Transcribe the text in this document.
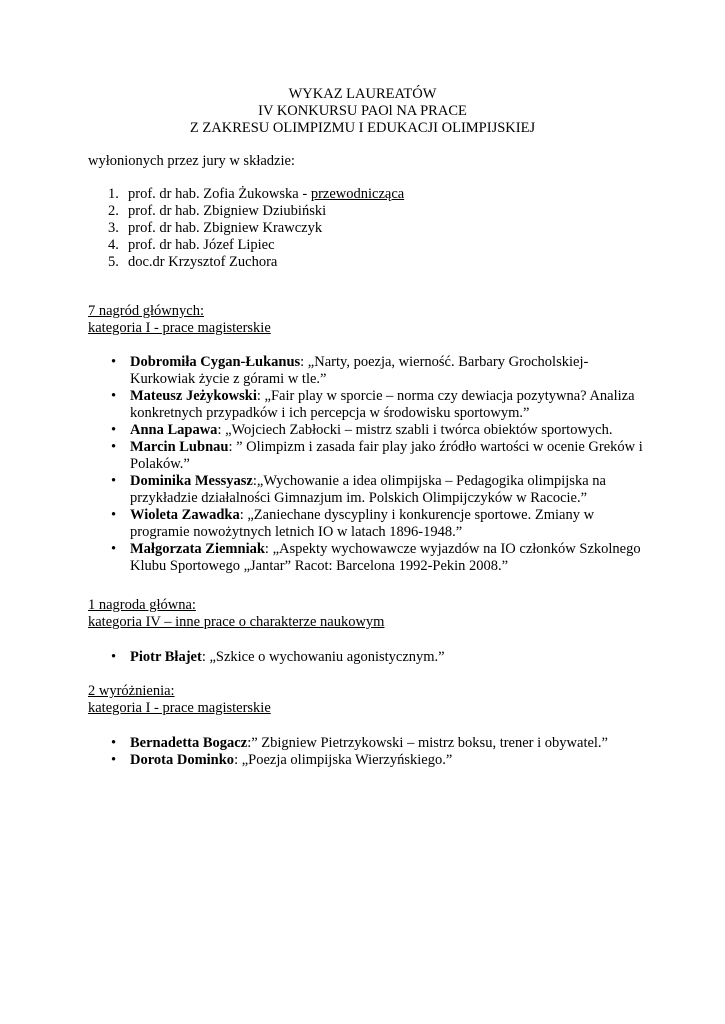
WYKAZ LAUREATÓW
IV KONKURSU PAOl NA PRACE
Z ZAKRESU OLIMPIZMU I EDUKACJI OLIMPIJSKIEJ
wyłonionych przez jury w składzie:
1. prof. dr hab. Zofia Żukowska - przewodnicząca
2. prof. dr hab. Zbigniew Dziubiński
3. prof. dr hab. Zbigniew Krawczyk
4. prof. dr hab. Józef Lipiec
5. doc.dr Krzysztof Zuchora
7 nagród głównych:
kategoria I - prace magisterskie
• Dobromiła Cygan-Łukanus: „Narty, poezja, wierność. Barbary Grocholskiej-Kurkowiak życie z górami w tle.”
• Mateusz Jeżykowski: „Fair play w sporcie – norma czy dewiacja pozytywna? Analiza konkretnych przypadków i ich percepcja w środowisku sportowym.”
• Anna Lapawa: „Wojciech Zabłocki – mistrz szabli i twórca obiektów sportowych.
• Marcin Lubnau: ” Olimpizm i zasada fair play jako źródło wartości w ocenie Greków i Polaków.”
• Dominika Messyasz:„Wychowanie a idea olimpijska – Pedagogika olimpijska na przykładzie działalności Gimnazjum im. Polskich Olimpijczyków w Racocie.”
• Wioleta Zawadka: „Zaniechane dyscypliny i konkurencje sportowe. Zmiany w programie nowożytnych letnich IO w latach 1896-1948.”
• Małgorzata Ziemniak: „Aspekty wychowawcze wyjazdów na IO członków Szkolnego Klubu Sportowego „Jantar” Racot: Barcelona 1992-Pekin 2008.”
1 nagroda główna:
kategoria IV – inne prace o charakterze naukowym
• Piotr Błajet: „Szkice o wychowaniu agonistycznym.”
2 wyróżnienia:
kategoria I - prace magisterskie
• Bernadetta Bogacz:” Zbigniew Pietrzykowski – mistrz boksu, trener i obywatel.”
• Dorota Dominko: „Poezja olimpijska Wierzyńskiego.”
